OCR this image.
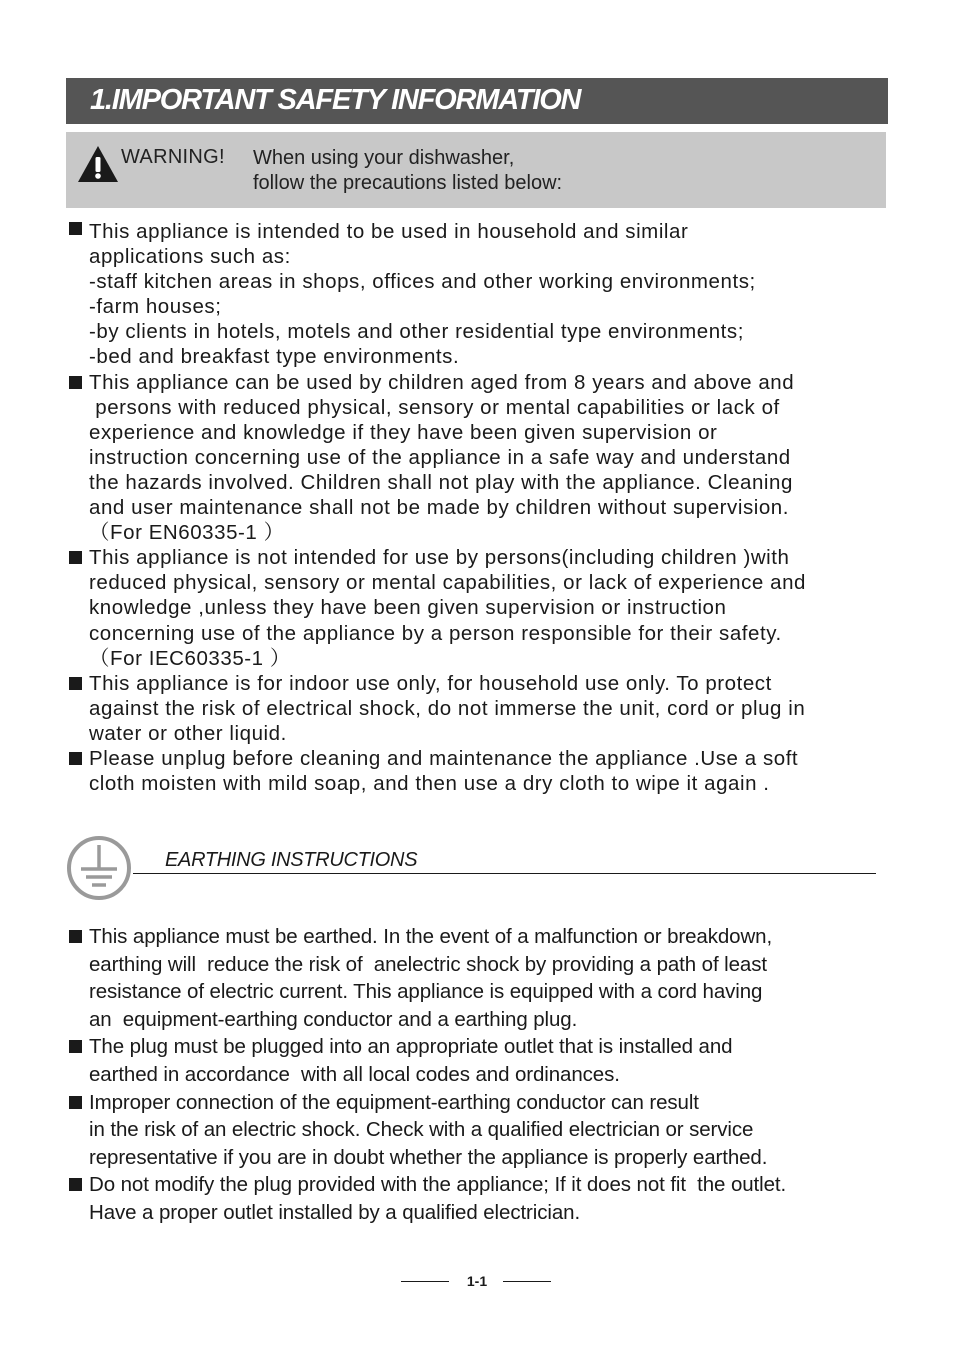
1.IMPORTANT SAFETY INFORMATION
WARNING! When using your dishwasher,
follow the precautions listed below:
This appliance is intended to be used in household and similar
applications such as:
-staff kitchen areas in shops, offices and other working environments;
-farm houses;
-by clients in hotels, motels and other residential type environments;
-bed and breakfast type environments.
This appliance can be used by children aged from 8 years and above and
persons with reduced physical, sensory or mental capabilities or lack of
experience and knowledge if they have been given supervision or
instruction concerning use of the appliance in a safe way and understand
the hazards involved. Children shall not play with the appliance. Cleaning
and user maintenance shall not be made by children without supervision.
（For EN60335-1 ）
This appliance is not intended for use by persons(including children )with
reduced physical, sensory or mental capabilities, or lack of experience and
knowledge ,unless they have been given supervision or instruction
concerning use of the appliance by a person responsible for their safety.
（For IEC60335-1 ）
This appliance is for indoor use only, for household use only. To protect
against the risk of electrical shock, do not immerse the unit, cord or plug in
water or other liquid.
Please unplug before cleaning and maintenance the appliance .Use a soft
cloth moisten with mild soap, and then use a dry cloth to wipe it again .
EARTHING INSTRUCTIONS
This appliance must be earthed. In the event of a malfunction or breakdown,
earthing will  reduce the risk of  anelectric shock by providing a path of least
resistance of electric current. This appliance is equipped with a cord having
an  equipment-earthing conductor and a earthing plug.
The plug must be plugged into an appropriate outlet that is installed and
earthed in accordance  with all local codes and ordinances.
Improper connection of the equipment-earthing conductor can result
in the risk of an electric shock. Check with a qualified electrician or service
representative if you are in doubt whether the appliance is properly earthed.
Do not modify the plug provided with the appliance; If it does not fit  the outlet.
Have a proper outlet installed by a qualified electrician.
1-1
